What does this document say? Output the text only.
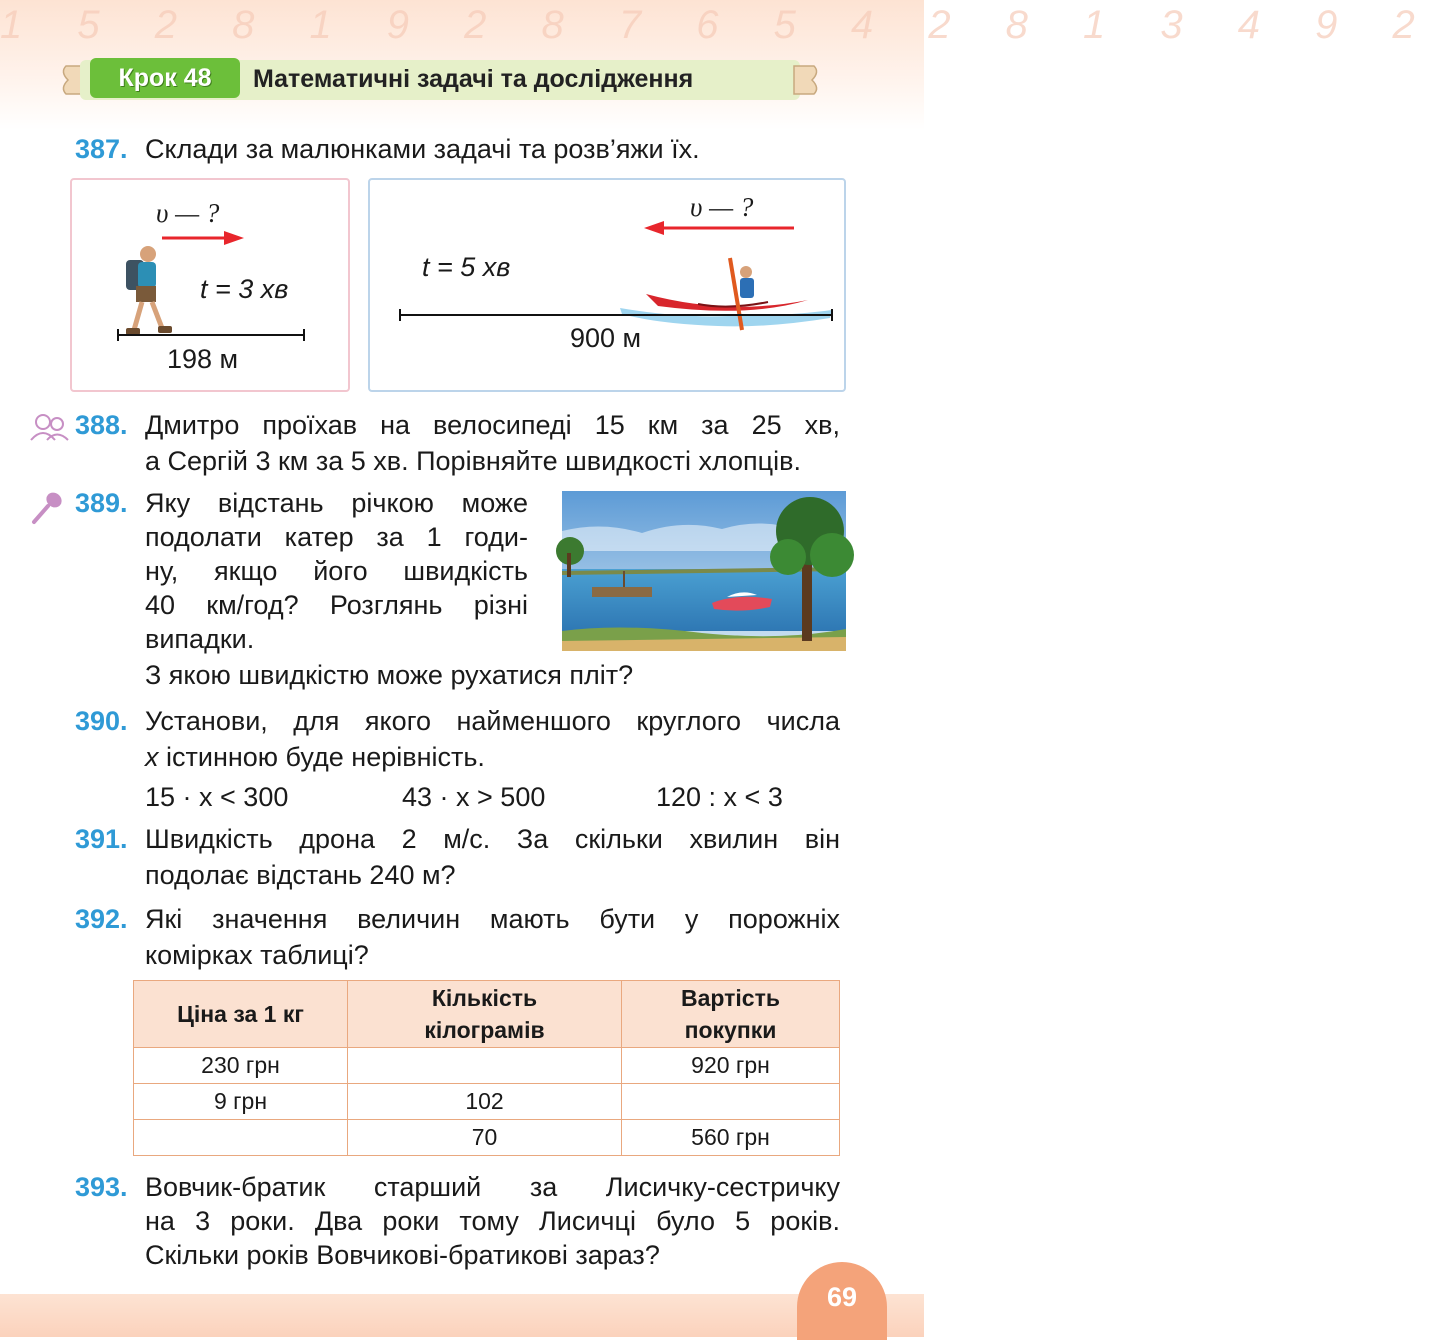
1 5 2 8 1 9 2 8 7 6 5 4 2 8 1 3 4 9 2
Крок 48	Математичні задачі та дослідження
387. Склади за малюнками задачі та розв’яжи їх.
υ — ?
t = 3 хв
198 м
υ — ?
t = 5 хв
900 м
388. Дмитро проїхав на велосипеді 15 км за 25 хв,
а Сергій 3 км за 5 хв. Порівняйте швидкості хлопців.
389. Яку відстань річкою може
подолати катер за 1 годи-
ну, якщо його швидкість
40 км/год? Розглянь різні
випадки.
З якою швидкістю може рухатися пліт?
390. Установи, для якого найменшого круглого числа
x істинною буде нерівність.
15 · x < 300	43 · x > 500	120 : x < 3
391. Швидкість дрона 2 м/с. За скільки хвилин він
подолає відстань 240 м?
392. Які значення величин мають бути у порожніх
комірках таблиці?
Ціна за 1 кг	Кількість кілограмів	Вартість покупки

230 грн		920 грн
9 грн	102	
	70	560 грн
393. Вовчик-братик старший за Лисичку-сестричку
на 3 роки. Два роки тому Лисичці було 5 років.
Скільки років Вовчикові-братикові зараз?
69
